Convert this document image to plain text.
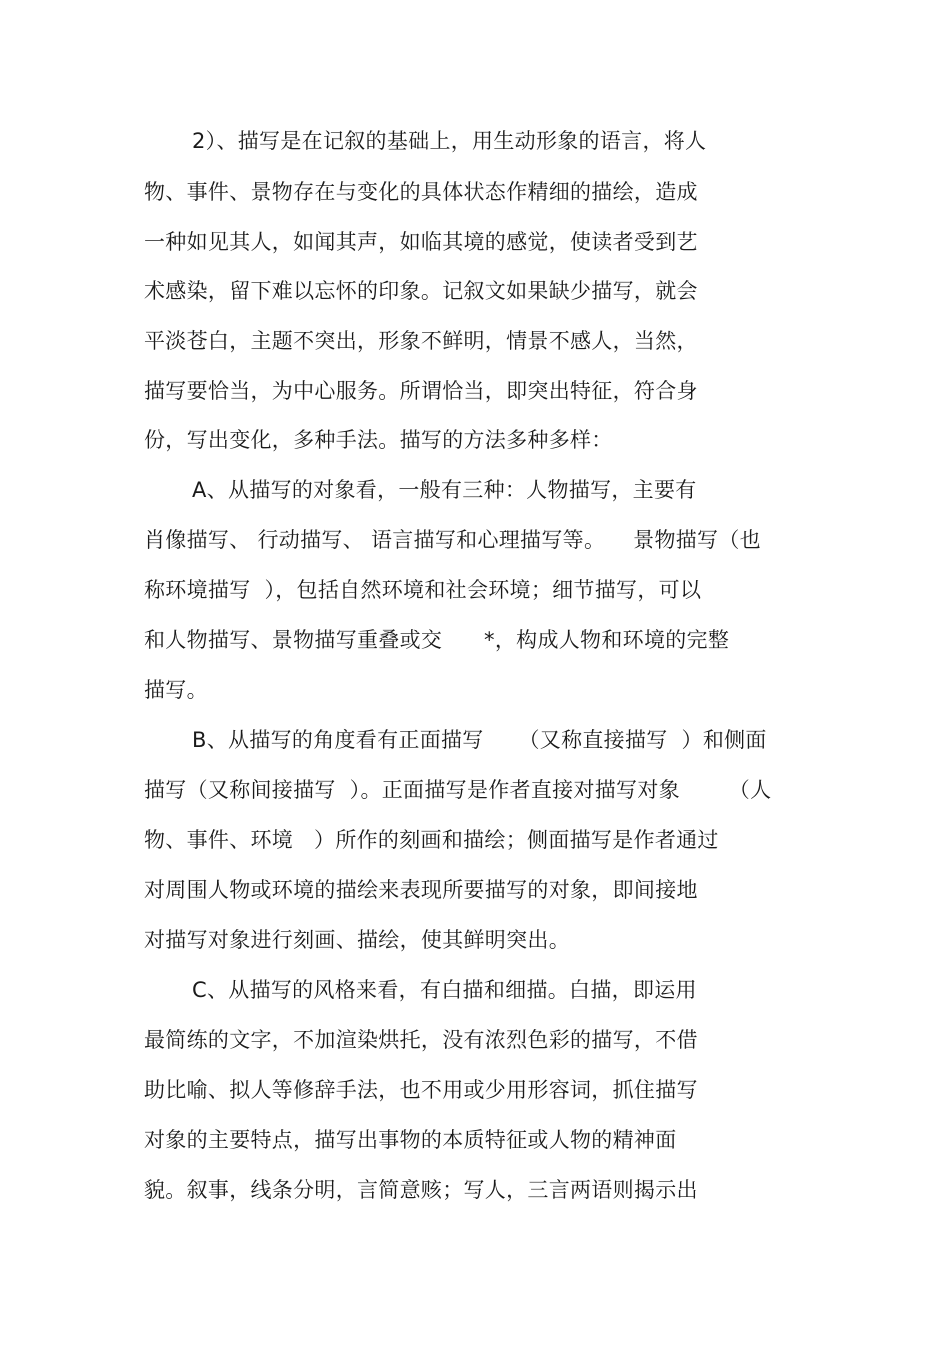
2）、描写是在记叙的基础上，用生动形象的语言，将人
物、事件、景物存在与变化的具体状态作精细的描绘，造成
一种如见其人，如闻其声，如临其境的感觉，使读者受到艺
术感染，留下难以忘怀的印象。记叙文如果缺少描写，就会
平淡苍白，主题不突出，形象不鲜明，情景不感人，当然，
描写要恰当，为中心服务。所谓恰当，即突出特征，符合身
份，写出变化，多种手法。描写的方法多种多样：
A、从描写的对象看，一般有三种：人物描写，主要有
肖像描写、 行动描写、 语言描写和心理描写等。    景物描写（也
称环境描写  ），包括自然环境和社会环境；细节描写，可以
和人物描写、景物描写重叠或交      *，构成人物和环境的完整
描写。
B、从描写的角度看有正面描写     （又称直接描写  ）和侧面
描写（又称间接描写  ）。正面描写是作者直接对描写对象       （人
物、事件、环境   ）所作的刻画和描绘；侧面描写是作者通过
对周围人物或环境的描绘来表现所要描写的对象，即间接地
对描写对象进行刻画、描绘，使其鲜明突出。
C、从描写的风格来看，有白描和细描。白描，即运用
最简练的文字，不加渲染烘托，没有浓烈色彩的描写，不借
助比喻、拟人等修辞手法，也不用或少用形容词，抓住描写
对象的主要特点，描写出事物的本质特征或人物的精神面
貌。叙事，线条分明，言简意赅；写人，三言两语则揭示出
